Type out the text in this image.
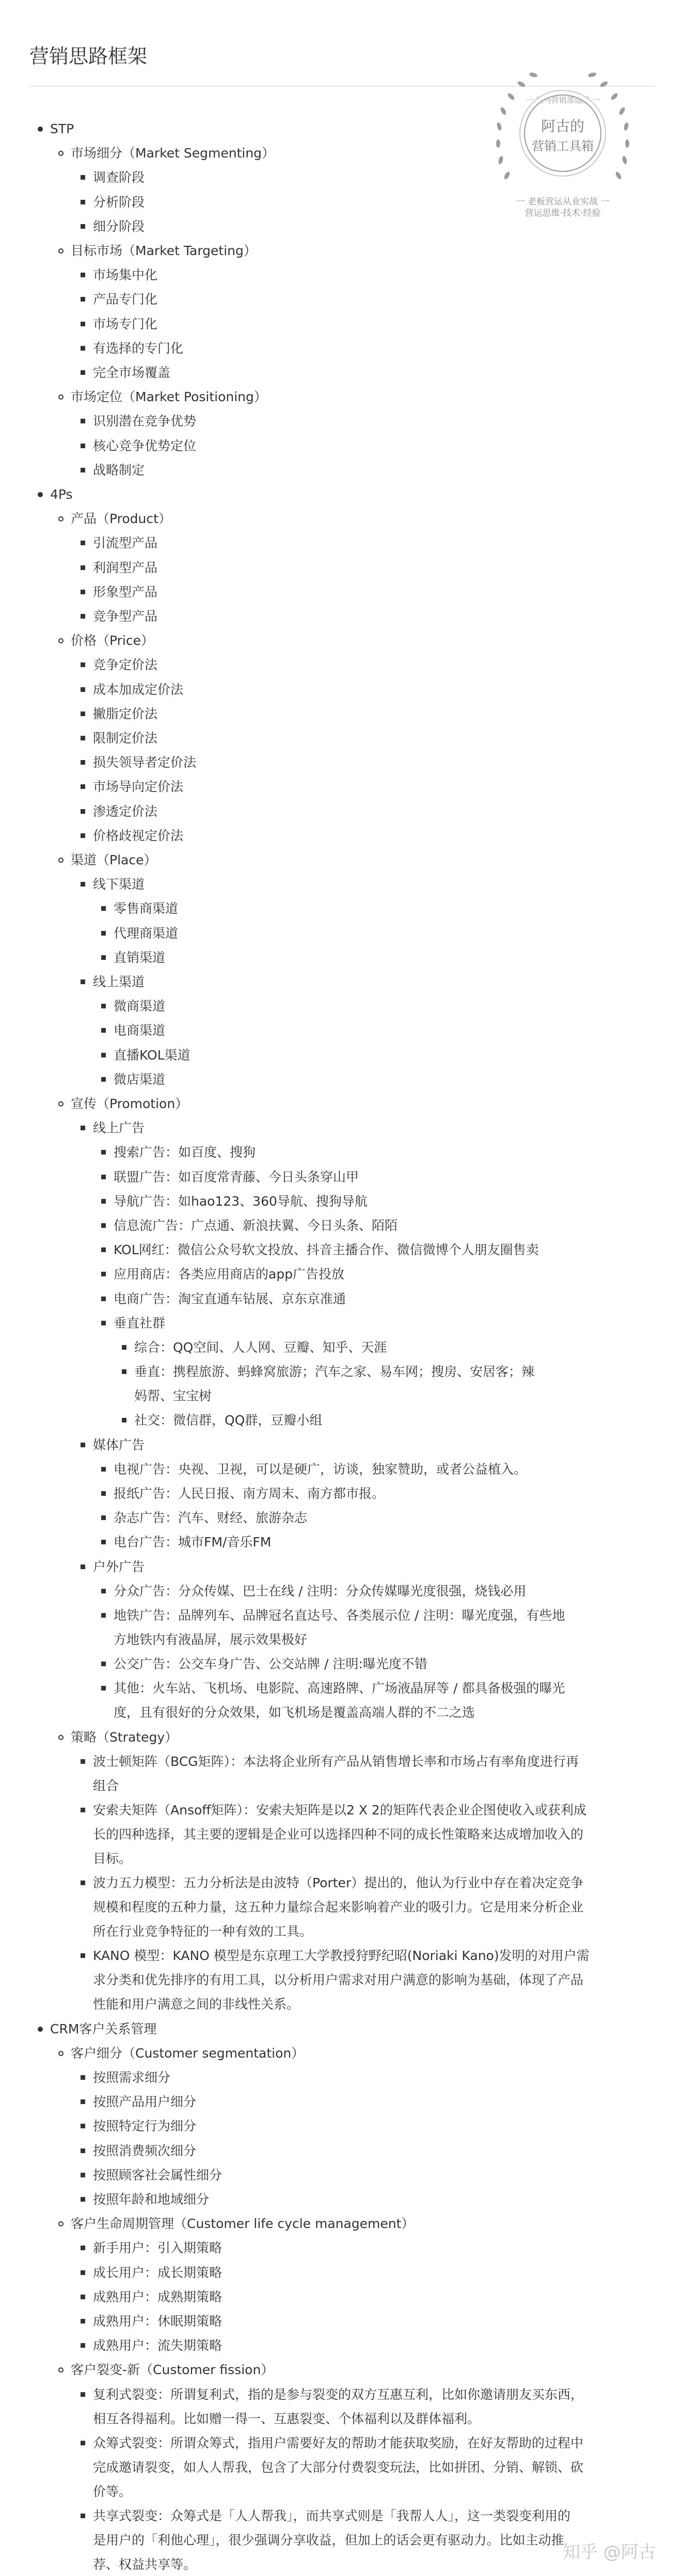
营销思路框架
一 黑马营销部运营 一
阿古的
营销工具箱
一 老板营运从业实战 一
营运思维·技术·经验
STP
市场细分（Market Segmenting）
调查阶段
分析阶段
细分阶段
目标市场（Market Targeting）
市场集中化
产品专门化
市场专门化
有选择的专门化
完全市场覆盖
市场定位（Market Positioning）
识别潜在竞争优势
核心竞争优势定位
战略制定
4Ps
产品（Product）
引流型产品
利润型产品
形象型产品
竞争型产品
价格（Price）
竞争定价法
成本加成定价法
撇脂定价法
限制定价法
损失领导者定价法
市场导向定价法
渗透定价法
价格歧视定价法
渠道（Place）
线下渠道
零售商渠道
代理商渠道
直销渠道
线上渠道
微商渠道
电商渠道
直播KOL渠道
微店渠道
宣传（Promotion）
线上广告
搜索广告：如百度、搜狗
联盟广告：如百度常青藤、今日头条穿山甲
导航广告：如hao123、360导航、搜狗导航
信息流广告：广点通、新浪扶翼、今日头条、陌陌
KOL网红：微信公众号软文投放、抖音主播合作、微信微博个人朋友圈售卖
应用商店：各类应用商店的app广告投放
电商广告：淘宝直通车钻展、京东京准通
垂直社群
综合：QQ空间、人人网、豆瓣、知乎、天涯
垂直：携程旅游、蚂蜂窝旅游；汽车之家、易车网；搜房、安居客；辣
妈帮、宝宝树
社交：微信群，QQ群，豆瓣小组
媒体广告
电视广告：央视、卫视，可以是硬广，访谈，独家赞助，或者公益植入。
报纸广告：人民日报、南方周末、南方都市报。
杂志广告：汽车、财经、旅游杂志
电台广告：城市FM/音乐FM
户外广告
分众广告：分众传媒、巴士在线 / 注明：分众传媒曝光度很强，烧钱必用
地铁广告：品牌列车、品牌冠名直达号、各类展示位 / 注明：曝光度强，有些地
方地铁内有液晶屏，展示效果极好
公交广告：公交车身广告、公交站牌 / 注明:曝光度不错
其他：火车站、飞机场、电影院、高速路牌、广场液晶屏等 / 都具备极强的曝光
度，且有很好的分众效果，如飞机场是覆盖高端人群的不二之选
策略（Strategy）
波士顿矩阵（BCG矩阵）：本法将企业所有产品从销售增长率和市场占有率角度进行再
组合
安索夫矩阵（Ansoff矩阵）：安索夫矩阵是以2 X 2的矩阵代表企业企图使收入或获利成
长的四种选择，其主要的逻辑是企业可以选择四种不同的成长性策略来达成增加收入的
目标。
波力五力模型：五力分析法是由波特（Porter）提出的，他认为行业中存在着决定竞争
规模和程度的五种力量，这五种力量综合起来影响着产业的吸引力。它是用来分析企业
所在行业竞争特征的一种有效的工具。
KANO 模型：KANO 模型是东京理工大学教授狩野纪昭(Noriaki Kano)发明的对用户需
求分类和优先排序的有用工具，以分析用户需求对用户满意的影响为基础，体现了产品
性能和用户满意之间的非线性关系。
CRM客户关系管理
客户细分（Customer segmentation）
按照需求细分
按照产品用户细分
按照特定行为细分
按照消费频次细分
按照顾客社会属性细分
按照年龄和地域细分
客户生命周期管理（Customer life cycle management）
新手用户：引入期策略
成长用户：成长期策略
成熟用户：成熟期策略
成熟用户：休眠期策略
成熟用户：流失期策略
客户裂变-新（Customer fission）
复利式裂变：所谓复利式，指的是参与裂变的双方互惠互利，比如你邀请朋友买东西，
相互各得福利。比如赠一得一、互惠裂变、个体福利以及群体福利。
众筹式裂变：所谓众筹式，指用户需要好友的帮助才能获取奖励，在好友帮助的过程中
完成邀请裂变，如人人帮我，包含了大部分付费裂变玩法，比如拼团、分销、解锁、砍
价等。
共享式裂变：众筹式是「人人帮我」，而共享式则是「我帮人人」，这一类裂变利用的
是用户的「利他心理」，很少强调分享收益，但加上的话会更有驱动力。比如主动推
荐、权益共享等。
知乎 @阿古
